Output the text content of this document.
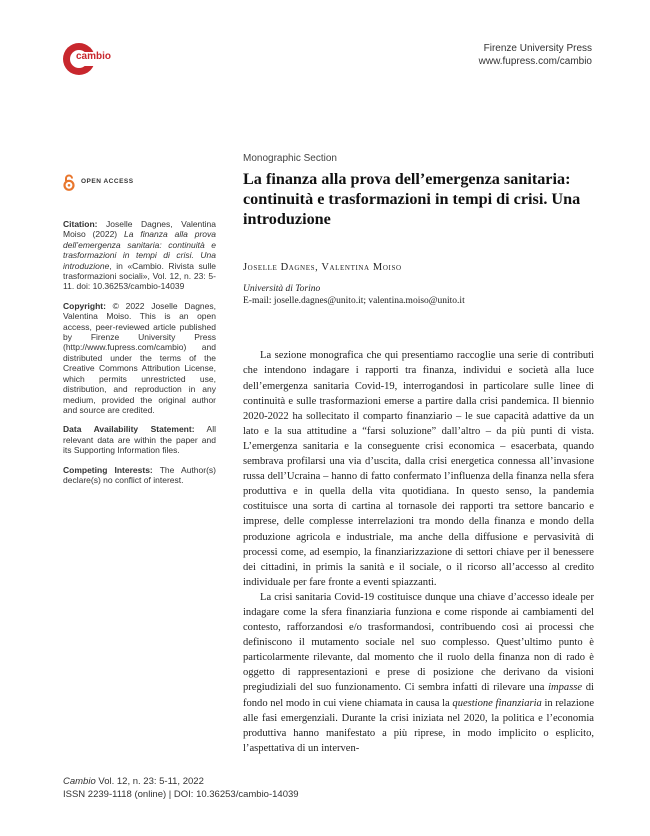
cambio
Firenze University Press
www.fupress.com/cambio
OPEN ACCESS

Citation: Joselle Dagnes, Valentina Moiso (2022) La finanza alla prova dell’emergenza sanitaria: continuità e trasformazioni in tempi di crisi. Una introduzione, in «Cambio. Rivista sulle trasformazioni sociali», Vol. 12, n. 23: 5-11. doi: 10.36253/cambio-14039

Copyright: © 2022 Joselle Dagnes, Valentina Moiso. This is an open access, peer-reviewed article published by Firenze University Press (http://www.fupress.com/cambio) and distributed under the terms of the Creative Commons Attribution License, which permits unrestricted use, distribution, and reproduction in any medium, provided the original author and source are credited.

Data Availability Statement: All relevant data are within the paper and its Supporting Information files.

Competing Interests: The Author(s) declare(s) no conflict of interest.

Monographic Section
La finanza alla prova dell’emergenza sanitaria: continuità e trasformazioni in tempi di crisi. Una introduzione
Joselle Dagnes, Valentina Moiso
Università di Torino
E-mail: joselle.dagnes@unito.it; valentina.moiso@unito.it

La sezione monografica che qui presentiamo raccoglie una serie di contributi che intendono indagare i rapporti tra finanza, individui e società alla luce dell’emergenza sanitaria Covid-19, interrogandosi in particolare sulle linee di continuità e sulle trasformazioni emerse a partire dalla crisi pandemica. Il biennio 2020-2022 ha sollecitato il comparto finanziario – le sue capacità adattive da un lato e la sua attitudine a “farsi soluzione” dall’altro – da più punti di vista. L’emergenza sanitaria e la conseguente crisi economica – esacerbata, quando sembrava profilarsi una via d’uscita, dalla crisi energetica connessa all’invasione russa dell’Ucraina – hanno di fatto confermato l’influenza della finanza nella sfera produttiva e in quella della vita quotidiana. In questo senso, la pandemia costituisce una sorta di cartina al tornasole dei rapporti tra settore bancario e imprese, delle complesse interrelazioni tra mondo della finanza e mondo della produzione agricola e industriale, ma anche della diffusione e pervasività di processi come, ad esempio, la finanziarizzazione di settori chiave per il benessere dei cittadini, in primis la sanità e il sociale, o il ricorso all’accesso al credito individuale per fare fronte a eventi spiazzanti.

La crisi sanitaria Covid-19 costituisce dunque una chiave d’accesso ideale per indagare come la sfera finanziaria funziona e come risponde ai cambiamenti del contesto, rafforzandosi e/o trasformandosi, contribuendo così ai processi che definiscono il mutamento sociale nel suo complesso. Quest’ultimo punto è particolarmente rilevante, dal momento che il ruolo della finanza non di rado è oggetto di rappresentazioni e prese di posizione che derivano da visioni pregiudiziali del suo funzionamento. Ci sembra infatti di rilevare una impasse di fondo nel modo in cui viene chiamata in causa la questione finanziaria in relazione alle fasi emergenziali. Durante la crisi iniziata nel 2020, la politica e l’economia produttiva hanno manifestato a più riprese, in modo implicito o esplicito, l’aspettativa di un interven-

Cambio Vol. 12, n. 23: 5-11, 2022
ISSN 2239-1118 (online) | DOI: 10.36253/cambio-14039
